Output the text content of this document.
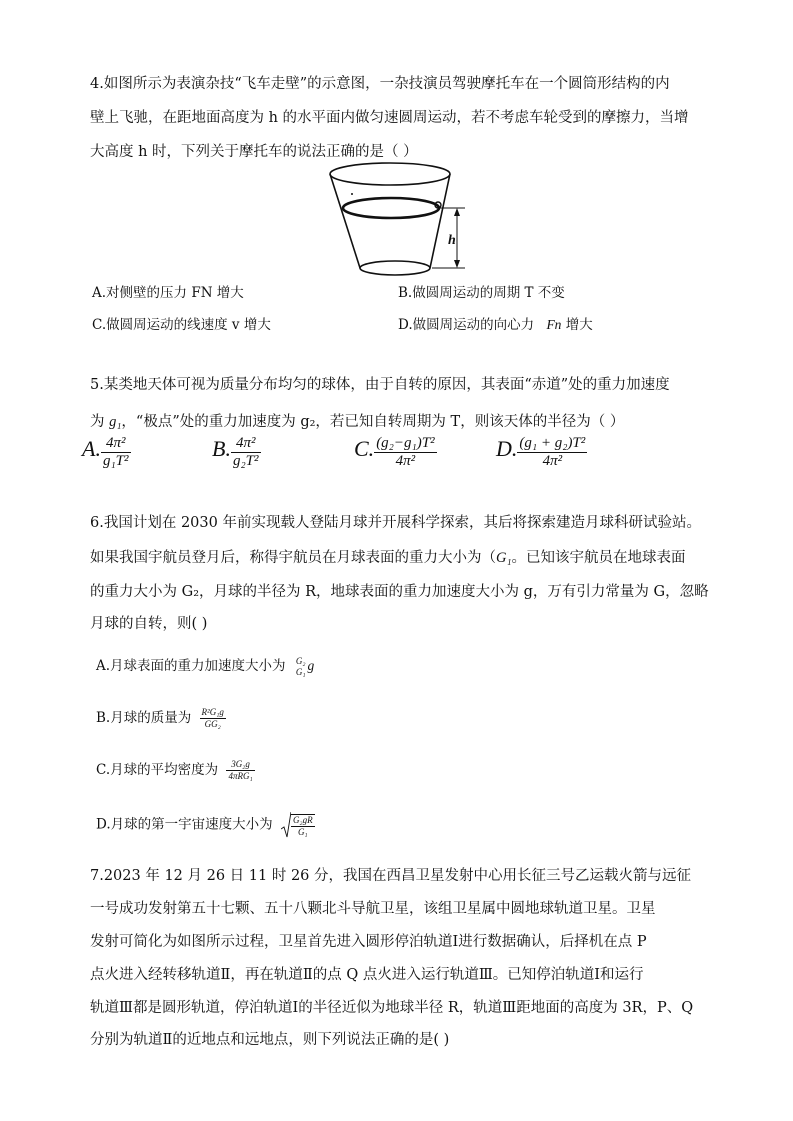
4.如图所示为表演杂技“飞车走壁”的示意图，一杂技演员驾驶摩托车在一个圆筒形结构的内
壁上飞驰，在距地面高度为 h 的水平面内做匀速圆周运动，若不考虑车轮受到的摩擦力，当增
大高度 h 时，下列关于摩托车的说法正确的是（ ）
h
A.对侧壁的压力 FN 增大	B.做圆周运动的周期 T 不变
C.做圆周运动的线速度 v 增大	D.做圆周运动的向心力 Fn 增大
5.某类地天体可视为质量分布均匀的球体，由于自转的原因，其表面“赤道”处的重力加速度
为 g₁，“极点”处的重力加速度为 g₂，若已知自转周期为 T，则该天体的半径为（ ）
A. $\frac{\text{4π²}}{\text{g₁T²}}$	B. $\frac{\text{4π²}}{\text{g₂T²}}$	C. $\frac{\text{(g₂−g₁)T²}}{\text{4π²}}$	D. $\frac{\text{(g₁ + g₂)T²}}{\text{4π²}}$
6.我国计划在 2030 年前实现载人登陆月球并开展科学探索，其后将探索建造月球科研试验站。
如果我国宇航员登月后，称得宇航员在月球表面的重力大小为（G₁。已知该宇航员在地球表面
的重力大小为 G₂，月球的半径为 R，地球表面的重力加速度大小为 g，万有引力常量为 G，忽略
月球的自转，则( )
A.月球表面的重力加速度大小为 G₂
G₁ g
B.月球的质量为 $\frac{\text{R²G₁g}}{\text{GG₂}}$
C.月球的平均密度为 $\frac{\text{3G₂g}}{\text{4πRG₁}}$
D.月球的第一宇宙速度大小为 $\frac{\text{G₂gR}}{\text{G₁}}$
7.2023 年 12 月 26 日 11 时 26 分，我国在西昌卫星发射中心用长征三号乙运载火箭与远征
一号成功发射第五十七颗、五十八颗北斗导航卫星，该组卫星属中圆地球轨道卫星。卫星
发射可简化为如图所示过程，卫星首先进入圆形停泊轨道Ⅰ进行数据确认，后择机在点 P
点火进入经转移轨道Ⅱ，再在轨道Ⅱ的点 Q 点火进入运行轨道Ⅲ。已知停泊轨道Ⅰ和运行
轨道Ⅲ都是圆形轨道，停泊轨道Ⅰ的半径近似为地球半径 R，轨道Ⅲ距地面的高度为 3R，P、Q
分别为轨道Ⅱ的近地点和远地点，则下列说法正确的是( )
